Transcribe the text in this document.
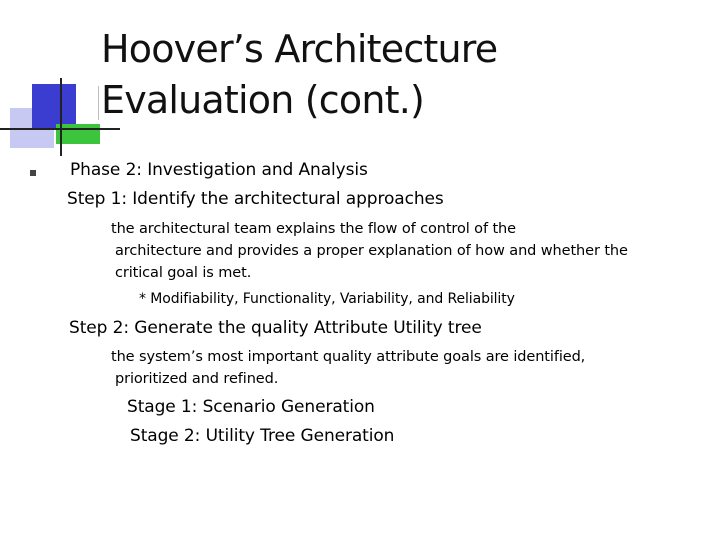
Hoover’s Architecture
Evaluation (cont.)
Phase 2: Investigation and Analysis
Step 1: Identify the architectural approaches
the architectural team explains the flow of control of the
architecture and provides a proper explanation of how and whether the
critical goal is met.
* Modifiability, Functionality, Variability, and Reliability
Step 2: Generate the quality Attribute Utility tree
the system’s most important quality attribute goals are identified,
prioritized and refined.
Stage 1: Scenario Generation
Stage 2: Utility Tree Generation
